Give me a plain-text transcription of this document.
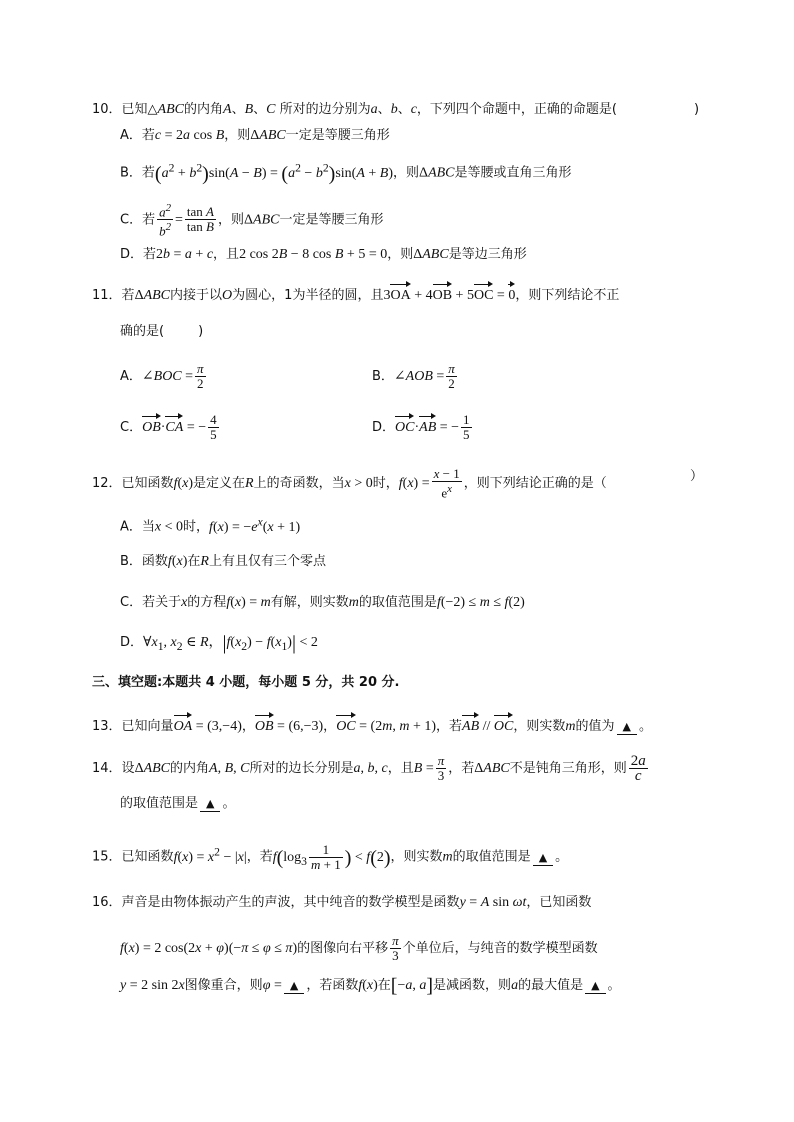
10．已知△ABC的内角A、B、C 所对的边分别为a、b、c，下列四个命题中，正确的命题是(	)
A．若c = 2a cos B，则ΔABC一定是等腰三角形
B．若$(a^2 + b^2)\sin(A - B) = (a^2 - b^2)\sin(A + B)$，则ΔABC是等腰或直角三角形
C．若 $\frac{a^2}{b^2} = \frac{\text{tan A}}{\text{tan B}}$ ，则ΔABC一定是等腰三角形
D．若2b = a + c，且2 cos 2B − 8 cos B + 5 = 0，则ΔABC是等边三角形
11．若ΔABC内接于以O为圆心，1为半径的圆，且3OA + 4OB + 5OC = 0，则下列结论不正
确的是(	)
A．∠BOC = $\frac{\pi}{2}$	B．∠AOB = $\frac{\pi}{2}$
C．OB·CA = − $\frac{4}{5}$	D．OC·AB = − $\frac{1}{5}$
12．已知函数f(x)是定义在R上的奇函数，当x > 0时，$f(x) = \frac{x - 1}{e^x}$ ，则下列结论正确的是（	）
A．当x < 0时，$f(x) = -e^x(x + 1)$
B．函数f(x)在R上有且仅有三个零点
C．若关于x的方程f(x) = m有解，则实数m的取值范围是f(−2) ≤ m ≤ f(2)
D．$\forall x_1$, $x_2$ ∈ R，$|f(x_2) - f(x_1)| < 2$
三、填空题:本题共 4 小题，每小题 5 分，共 20 分.
13．已知向量OA = (3,−4)，OB = (6,−3)，OC = (2m, m + 1)，若AB // OC，则实数m的值为 ▲ 。
14．设ΔABC的内角A, B, C所对的边长分别是a, b, c，且$B = \frac{\pi}{3}$ ，若ΔABC不是钝角三角形，则 $\frac{2a}{c}$
的取值范围是 ▲ 。
15．已知函数$f(x) = x^2 - |x|$，若$f(\log_3 \frac{1}{m + 1}$ ) < f(2)，则实数m的取值范围是 ▲ 。
16．声音是由物体振动产生的声波，其中纯音的数学模型是函数y = A sin ωt，已知函数
f(x) = 2 cos(2x + φ)(−π ≤ φ ≤ π)的图像向右平移 $\frac{\pi}{3}$ 个单位后，与纯音的数学模型函数
y = 2 sin 2x图像重合，则φ = ▲ ，若函数f(x)在[−a, a]是减函数，则a的最大值是 ▲ 。
